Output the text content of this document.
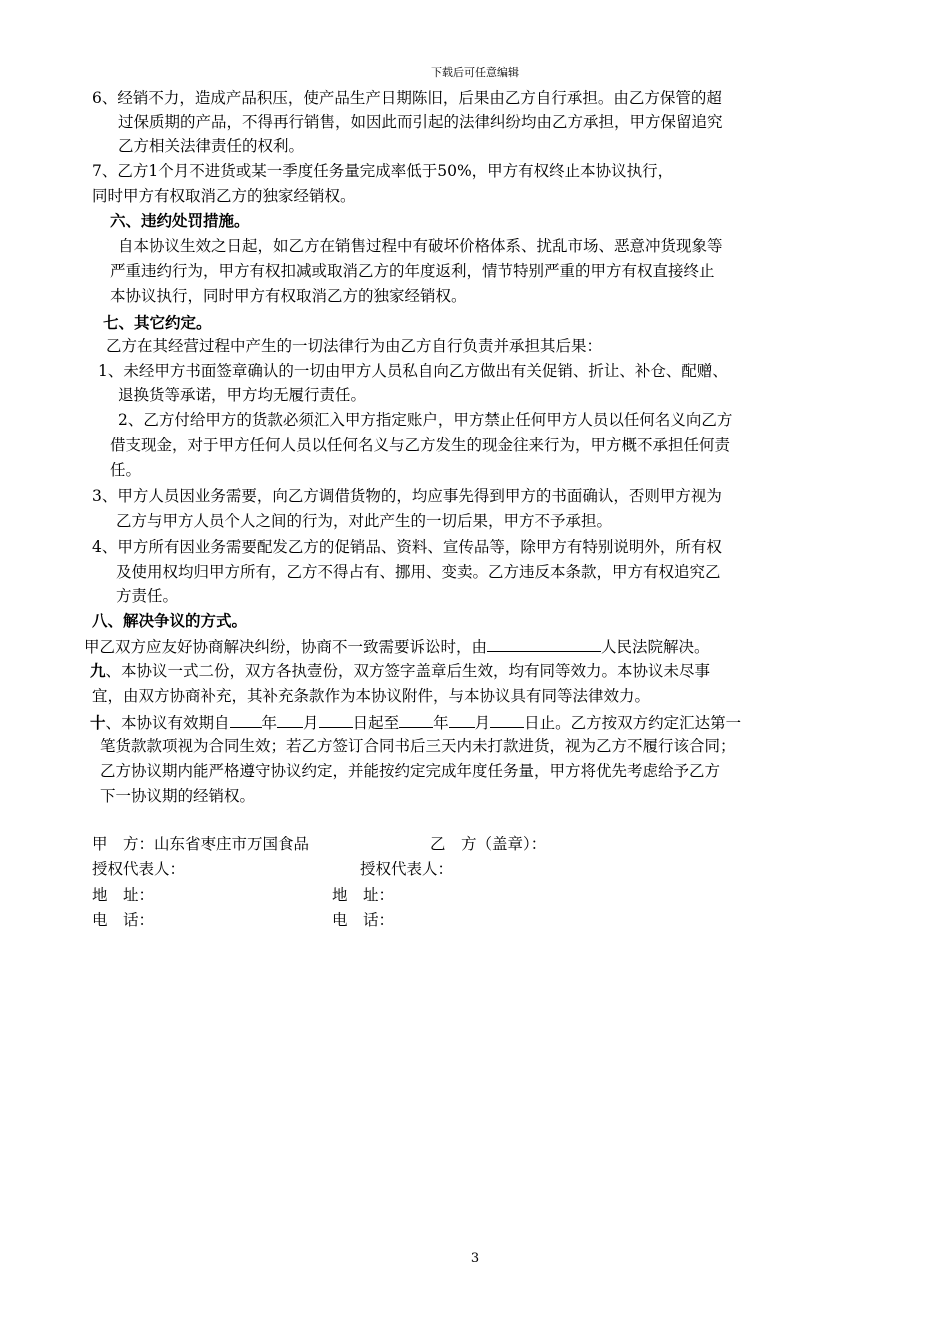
下载后可任意编辑
6、经销不力，造成产品积压，使产品生产日期陈旧，后果由乙方自行承担。由乙方保管的超
过保质期的产品，不得再行销售，如因此而引起的法律纠纷均由乙方承担，甲方保留追究
乙方相关法律责任的权利。
7、乙方1个月不进货或某一季度任务量完成率低于50%，甲方有权终止本协议执行，
同时甲方有权取消乙方的独家经销权。
六、违约处罚措施。
自本协议生效之日起，如乙方在销售过程中有破坏价格体系、扰乱市场、恶意冲货现象等
严重违约行为，甲方有权扣减或取消乙方的年度返利，情节特别严重的甲方有权直接终止
本协议执行，同时甲方有权取消乙方的独家经销权。
七、其它约定。
乙方在其经营过程中产生的一切法律行为由乙方自行负责并承担其后果：
1、未经甲方书面签章确认的一切由甲方人员私自向乙方做出有关促销、折让、补仓、配赠、
退换货等承诺，甲方均无履行责任。
2、乙方付给甲方的货款必须汇入甲方指定账户，甲方禁止任何甲方人员以任何名义向乙方
借支现金，对于甲方任何人员以任何名义与乙方发生的现金往来行为，甲方概不承担任何责
任。
3、甲方人员因业务需要，向乙方调借货物的，均应事先得到甲方的书面确认，否则甲方视为
乙方与甲方人员个人之间的行为，对此产生的一切后果，甲方不予承担。
4、甲方所有因业务需要配发乙方的促销品、资料、宣传品等，除甲方有特别说明外，所有权
及使用权均归甲方所有，乙方不得占有、挪用、变卖。乙方违反本条款，甲方有权追究乙
方责任。
八、解决争议的方式。
甲乙双方应友好协商解决纠纷，协商不一致需要诉讼时，由	人民法院解决。
九、本协议一式二份，双方各执壹份，双方签字盖章后生效，均有同等效力。本协议未尽事
宜，由双方协商补充，其补充条款作为本协议附件，与本协议具有同等法律效力。
十、本协议有效期自 年 月 日起至 年 月 日止。乙方按双方约定汇达第一
笔货款款项视为合同生效；若乙方签订合同书后三天内未打款进货，视为乙方不履行该合同；
乙方协议期内能严格遵守协议约定，并能按约定完成年度任务量，甲方将优先考虑给予乙方
下一协议期的经销权。
甲　方：山东省枣庄市万国食品	乙　方（盖章）：
授权代表人：	授权代表人：
地　址：	地　址：
电　话：	电　话：
3
